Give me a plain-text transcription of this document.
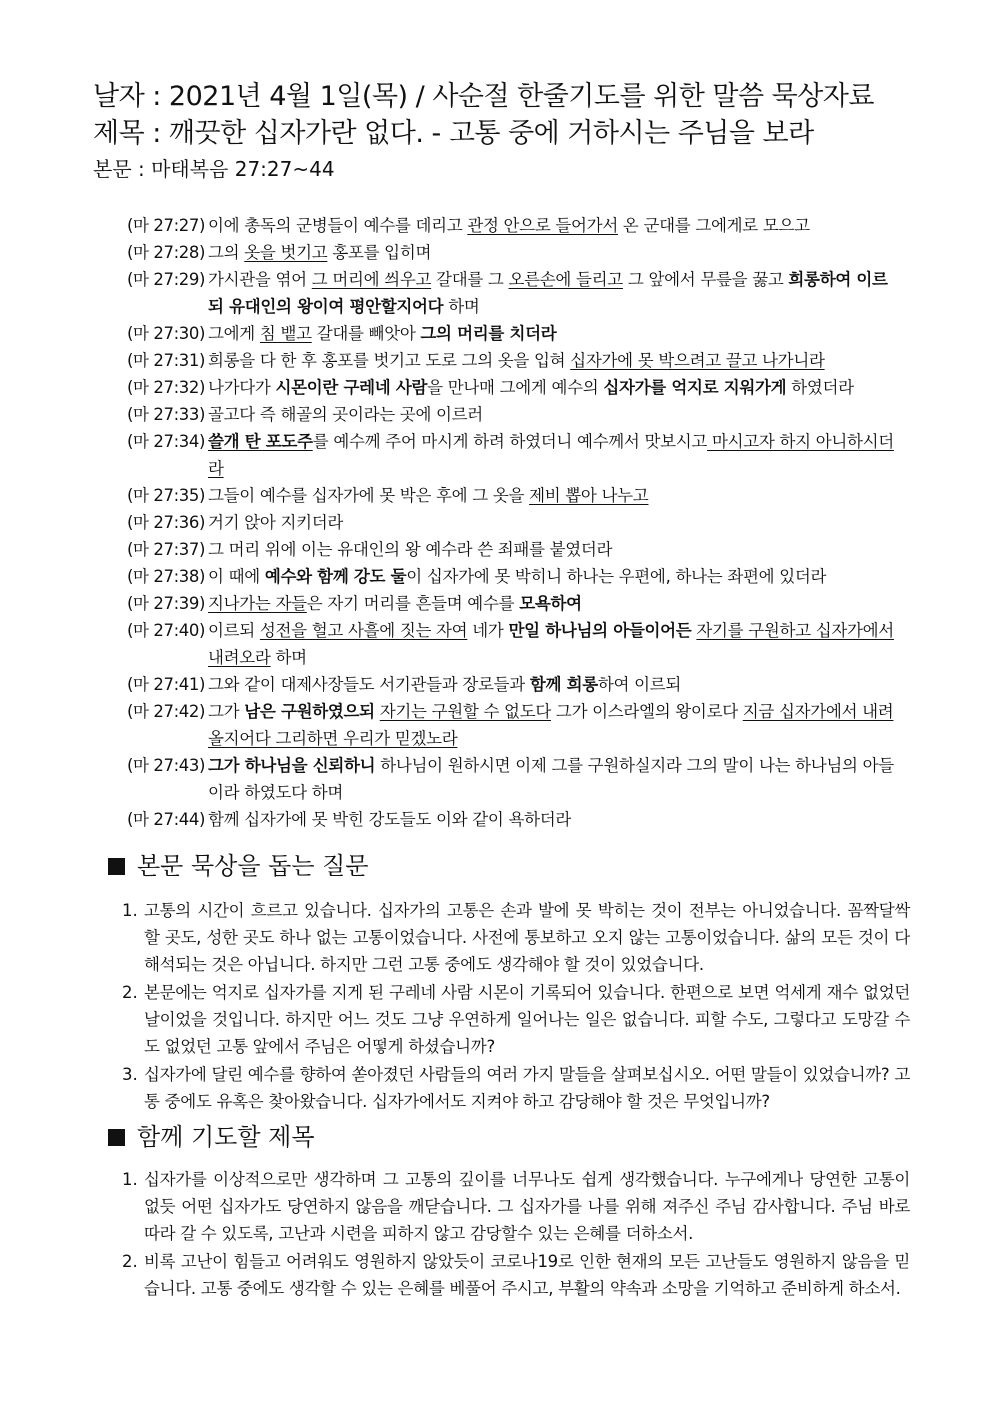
날자 : 2021년 4월 1일(목) / 사순절 한줄기도를 위한 말씀 묵상자료
제목 : 깨끗한 십자가란 없다. - 고통 중에 거하시는 주님을 보라
본문 : 마태복음 27:27~44
(마 27:27) 이에 총독의 군병들이 예수를 데리고 관정 안으로 들어가서 온 군대를 그에게로 모으고
(마 27:28) 그의 옷을 벗기고 홍포를 입히며
(마 27:29) 가시관을 엮어 그 머리에 씌우고 갈대를 그 오른손에 들리고 그 앞에서 무릎을 꿇고 희롱하여 이르되 유대인의 왕이여 평안할지어다 하며
(마 27:30) 그에게 침 뱉고 갈대를 빼앗아 그의 머리를 치더라
(마 27:31) 희롱을 다 한 후 홍포를 벗기고 도로 그의 옷을 입혀 십자가에 못 박으려고 끌고 나가니라
(마 27:32) 나가다가 시몬이란 구레네 사람을 만나매 그에게 예수의 십자가를 억지로 지워가게 하였더라
(마 27:33) 골고다 즉 해골의 곳이라는 곳에 이르러
(마 27:34) 쓸개 탄 포도주를 예수께 주어 마시게 하려 하였더니 예수께서 맛보시고 마시고자 하지 아니하시더라
(마 27:35) 그들이 예수를 십자가에 못 박은 후에 그 옷을 제비 뽑아 나누고
(마 27:36) 거기 앉아 지키더라
(마 27:37) 그 머리 위에 이는 유대인의 왕 예수라 쓴 죄패를 붙였더라
(마 27:38) 이 때에 예수와 함께 강도 둘이 십자가에 못 박히니 하나는 우편에, 하나는 좌편에 있더라
(마 27:39) 지나가는 자들은 자기 머리를 흔들며 예수를 모욕하여
(마 27:40) 이르되 성전을 헐고 사흘에 짓는 자여 네가 만일 하나님의 아들이어든 자기를 구원하고 십자가에서 내려오라 하며
(마 27:41) 그와 같이 대제사장들도 서기관들과 장로들과 함께 희롱하여 이르되
(마 27:42) 그가 남은 구원하였으되 자기는 구원할 수 없도다 그가 이스라엘의 왕이로다 지금 십자가에서 내려올지어다 그리하면 우리가 믿겠노라
(마 27:43) 그가 하나님을 신뢰하니 하나님이 원하시면 이제 그를 구원하실지라 그의 말이 나는 하나님의 아들이라 하였도다 하며
(마 27:44) 함께 십자가에 못 박힌 강도들도 이와 같이 욕하더라
본문 묵상을 돕는 질문
1. 고통의 시간이 흐르고 있습니다. 십자가의 고통은 손과 발에 못 박히는 것이 전부는 아니었습니다. 꼼짝달싹 할 곳도, 성한 곳도 하나 없는 고통이었습니다. 사전에 통보하고 오지 않는 고통이었습니다. 삶의 모든 것이 다 해석되는 것은 아닙니다. 하지만 그런 고통 중에도 생각해야 할 것이 있었습니다.
2. 본문에는 억지로 십자가를 지게 된 구레네 사람 시몬이 기록되어 있습니다. 한편으로 보면 억세게 재수 없었던 날이었을 것입니다. 하지만 어느 것도 그냥 우연하게 일어나는 일은 없습니다. 피할 수도, 그렇다고 도망갈 수도 없었던 고통 앞에서 주님은 어떻게 하셨습니까?
3. 십자가에 달린 예수를 향하여 쏟아졌던 사람들의 여러 가지 말들을 살펴보십시오. 어떤 말들이 있었습니까? 고통 중에도 유혹은 찾아왔습니다. 십자가에서도 지켜야 하고 감당해야 할 것은 무엇입니까?
함께 기도할 제목
1. 십자가를 이상적으로만 생각하며 그 고통의 깊이를 너무나도 쉽게 생각했습니다. 누구에게나 당연한 고통이 없듯 어떤 십자가도 당연하지 않음을 깨닫습니다. 그 십자가를 나를 위해 져주신 주님 감사합니다. 주님 바로 따라 갈 수 있도록, 고난과 시련을 피하지 않고 감당할수 있는 은혜를 더하소서.
2. 비록 고난이 힘들고 어려워도 영원하지 않았듯이 코로나19로 인한 현재의 모든 고난들도 영원하지 않음을 믿습니다. 고통 중에도 생각할 수 있는 은혜를 베풀어 주시고, 부활의 약속과 소망을 기억하고 준비하게 하소서.
